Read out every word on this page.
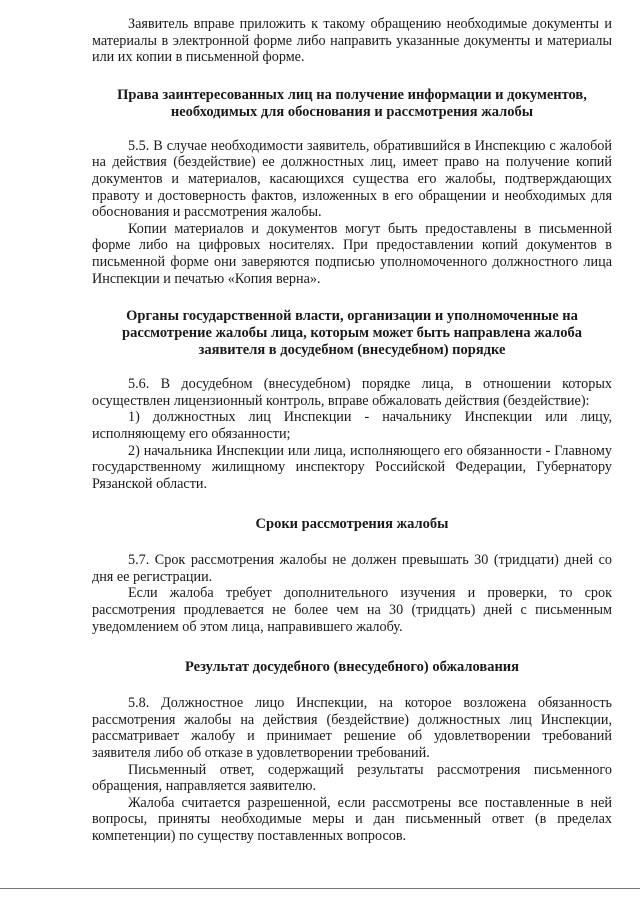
Заявитель вправе приложить к такому обращению необходимые документы и материалы в электронной форме либо направить указанные документы и материалы или их копии в письменной форме.

Права заинтересованных лиц на получение информации и документов, необходимых для обоснования и рассмотрения жалобы

5.5. В случае необходимости заявитель, обратившийся в Инспекцию с жалобой на действия (бездействие) ее должностных лиц, имеет право на получение копий документов и материалов, касающихся существа его жалобы, подтверждающих правоту и достоверность фактов, изложенных в его обращении и необходимых для обоснования и рассмотрения жалобы.

Копии материалов и документов могут быть предоставлены в письменной форме либо на цифровых носителях. При предоставлении копий документов в письменной форме они заверяются подписью уполномоченного должностного лица Инспекции и печатью «Копия верна».

Органы государственной власти, организации и уполномоченные на рассмотрение жалобы лица, которым может быть направлена жалоба заявителя в досудебном (внесудебном) порядке

5.6. В досудебном (внесудебном) порядке лица, в отношении которых осуществлен лицензионный контроль, вправе обжаловать действия (бездействие):

1) должностных лиц Инспекции - начальнику Инспекции или лицу, исполняющему его обязанности;

2) начальника Инспекции или лица, исполняющего его обязанности - Главному государственному жилищному инспектору Российской Федерации, Губернатору Рязанской области.

Сроки рассмотрения жалобы

5.7. Срок рассмотрения жалобы не должен превышать 30 (тридцати) дней со дня ее регистрации.

Если жалоба требует дополнительного изучения и проверки, то срок рассмотрения продлевается не более чем на 30 (тридцать) дней с письменным уведомлением об этом лица, направившего жалобу.

Результат досудебного (внесудебного) обжалования

5.8. Должностное лицо Инспекции, на которое возложена обязанность рассмотрения жалобы на действия (бездействие) должностных лиц Инспекции, рассматривает жалобу и принимает решение об удовлетворении требований заявителя либо об отказе в удовлетворении требований.

Письменный ответ, содержащий результаты рассмотрения письменного обращения, направляется заявителю.

Жалоба считается разрешенной, если рассмотрены все поставленные в ней вопросы, приняты необходимые меры и дан письменный ответ (в пределах компетенции) по существу поставленных вопросов.
